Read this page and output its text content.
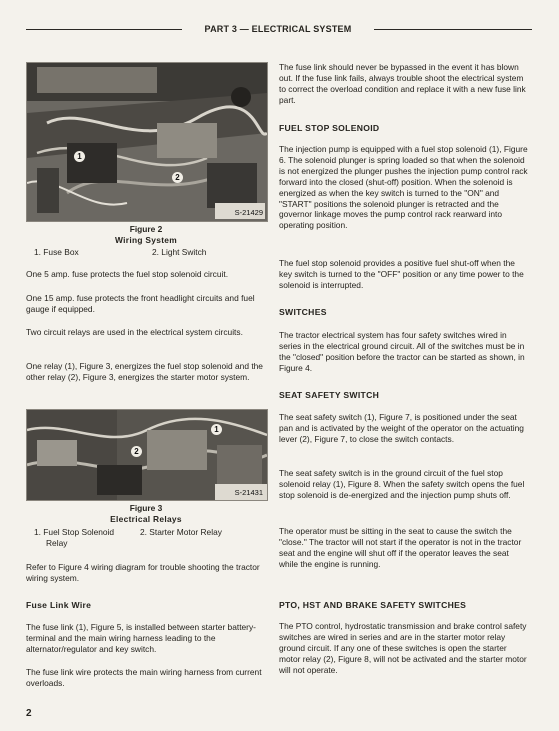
PART 3 — ELECTRICAL SYSTEM
1
2
S-21429
Figure 2
Wiring System
1. Fuse Box	2. Light Switch

One 5 amp. fuse protects the fuel stop solenoid circuit.

One 15 amp. fuse protects the front headlight circuits and fuel gauge if equipped.

Two circuit relays are used in the electrical system circuits.

One relay (1), Figure 3, energizes the fuel stop solenoid and the other relay (2), Figure 3, energizes the starter motor system.

1
2
S-21431
Figure 3
Electrical Relays
1. Fuel Stop Solenoid	2. Starter Motor Relay
Relay

Refer to Figure 4 wiring diagram for trouble shooting the tractor wiring system.

Fuse Link Wire

The fuse link (1), Figure 5, is installed between starter battery-terminal and the main wiring harness leading to the alternator/regulator and key switch.

The fuse link wire protects the main wiring harness from current overloads.

The fuse link should never be bypassed in the event it has blown out. If the fuse link fails, always trouble shoot the electrical system to correct the overload condition and replace it with a new fuse link part.

FUEL STOP SOLENOID

The injection pump is equipped with a fuel stop solenoid (1), Figure 6. The solenoid plunger is spring loaded so that when the solenoid is not energized the plunger pushes the injection pump control rack forward into the closed (shut-off) position. When the solenoid is energized as when the key switch is turned to the "ON" and "START" positions the solenoid plunger is retracted and the governor linkage moves the pump control rack rearward into operating position.

The fuel stop solenoid provides a positive fuel shut-off when the key switch is turned to the "OFF" position or any time power to the solenoid is interrupted.

SWITCHES

The tractor electrical system has four safety switches wired in series in the electrical ground circuit. All of the switches must be in the "closed" position before the tractor can be started as shown, in Figure 4.

SEAT SAFETY SWITCH

The seat safety switch (1), Figure 7, is positioned under the seat pan and is activated by the weight of the operator on the actuating lever (2), Figure 7, to close the switch contacts.

The seat safety switch is in the ground circuit of the fuel stop solenoid relay (1), Figure 8. When the safety switch opens the fuel stop solenoid is de-energized and the injection pump shuts off.

The operator must be sitting in the seat to cause the switch the "close." The tractor will not start if the operator is not in the tractor seat and the engine will shut off if the operator leaves the seat while the engine is running.

PTO, HST AND BRAKE SAFETY SWITCHES

The PTO control, hydrostatic transmission and brake control safety switches are wired in series and are in the starter motor relay ground circuit. If any one of these switches is open the starter motor relay (2), Figure 8, will not be activated and the starter motor will not operate.

2
